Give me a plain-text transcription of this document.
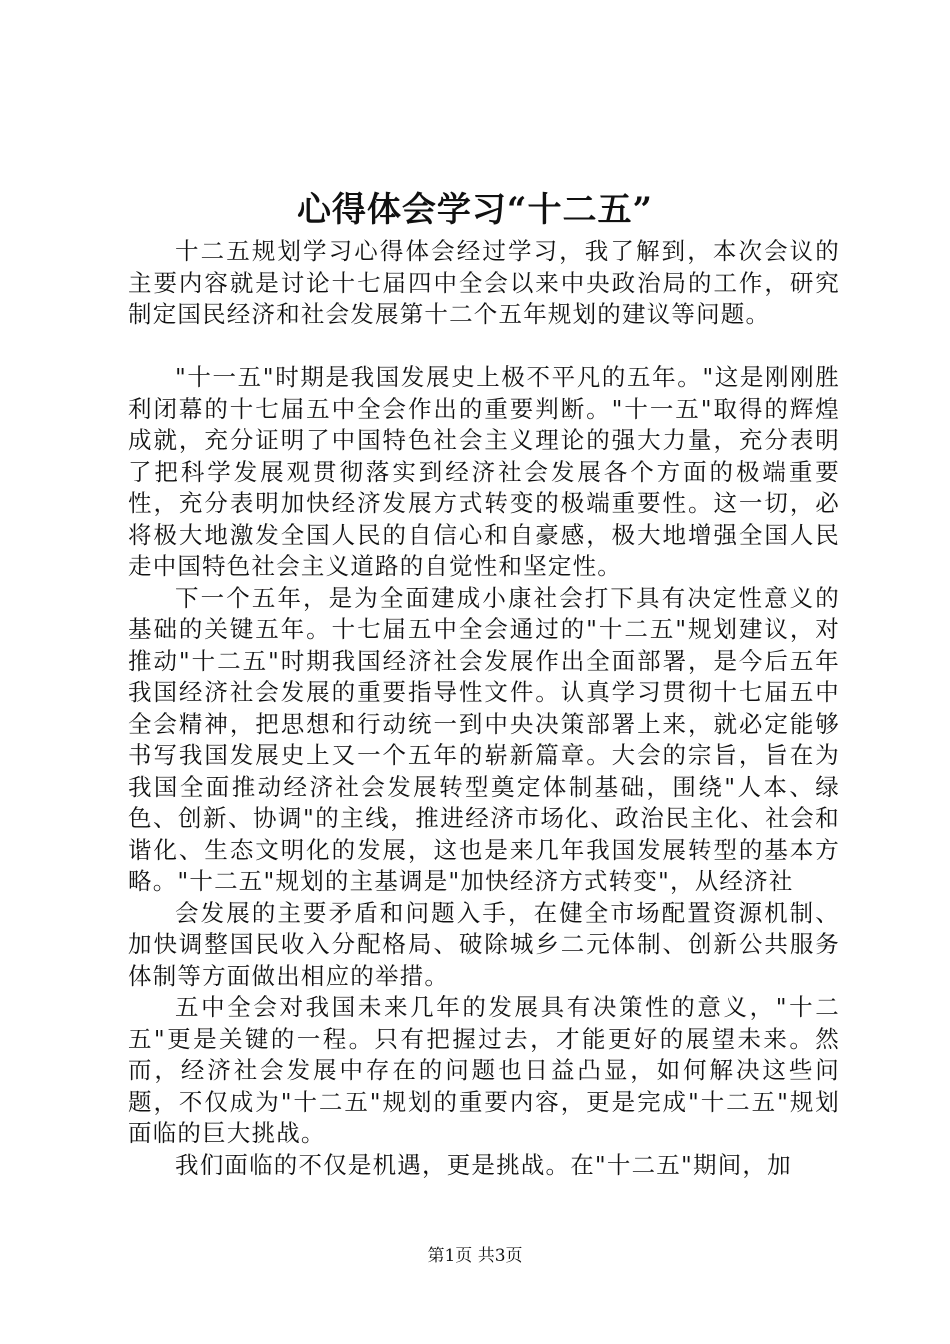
心得体会学习“十二五”

十二五规划学习心得体会经过学习，我了解到，本次会议的主要内容就是讨论十七届四中全会以来中央政治局的工作，研究制定国民经济和社会发展第十二个五年规划的建议等问题。

"十一五"时期是我国发展史上极不平凡的五年。"这是刚刚胜利闭幕的十七届五中全会作出的重要判断。"十一五"取得的辉煌成就，充分证明了中国特色社会主义理论的强大力量，充分表明了把科学发展观贯彻落实到经济社会发展各个方面的极端重要性，充分表明加快经济发展方式转变的极端重要性。这一切，必将极大地激发全国人民的自信心和自豪感，极大地增强全国人民走中国特色社会主义道路的自觉性和坚定性。

下一个五年，是为全面建成小康社会打下具有决定性意义的基础的关键五年。十七届五中全会通过的"十二五"规划建议，对推动"十二五"时期我国经济社会发展作出全面部署，是今后五年我国经济社会发展的重要指导性文件。认真学习贯彻十七届五中全会精神，把思想和行动统一到中央决策部署上来，就必定能够书写我国发展史上又一个五年的崭新篇章。大会的宗旨，旨在为我国全面推动经济社会发展转型奠定体制基础，围绕"人本、绿色、创新、协调"的主线，推进经济市场化、政治民主化、社会和谐化、生态文明化的发展，这也是来几年我国发展转型的基本方略。"十二五"规划的主基调是"加快经济方式转变"，从经济社

会发展的主要矛盾和问题入手，在健全市场配置资源机制、加快调整国民收入分配格局、破除城乡二元体制、创新公共服务体制等方面做出相应的举措。

五中全会对我国未来几年的发展具有决策性的意义，"十二五"更是关键的一程。只有把握过去，才能更好的展望未来。然而，经济社会发展中存在的问题也日益凸显，如何解决这些问题，不仅成为"十二五"规划的重要内容，更是完成"十二五"规划面临的巨大挑战。

我们面临的不仅是机遇，更是挑战。在"十二五"期间，加

第1页 共3页
